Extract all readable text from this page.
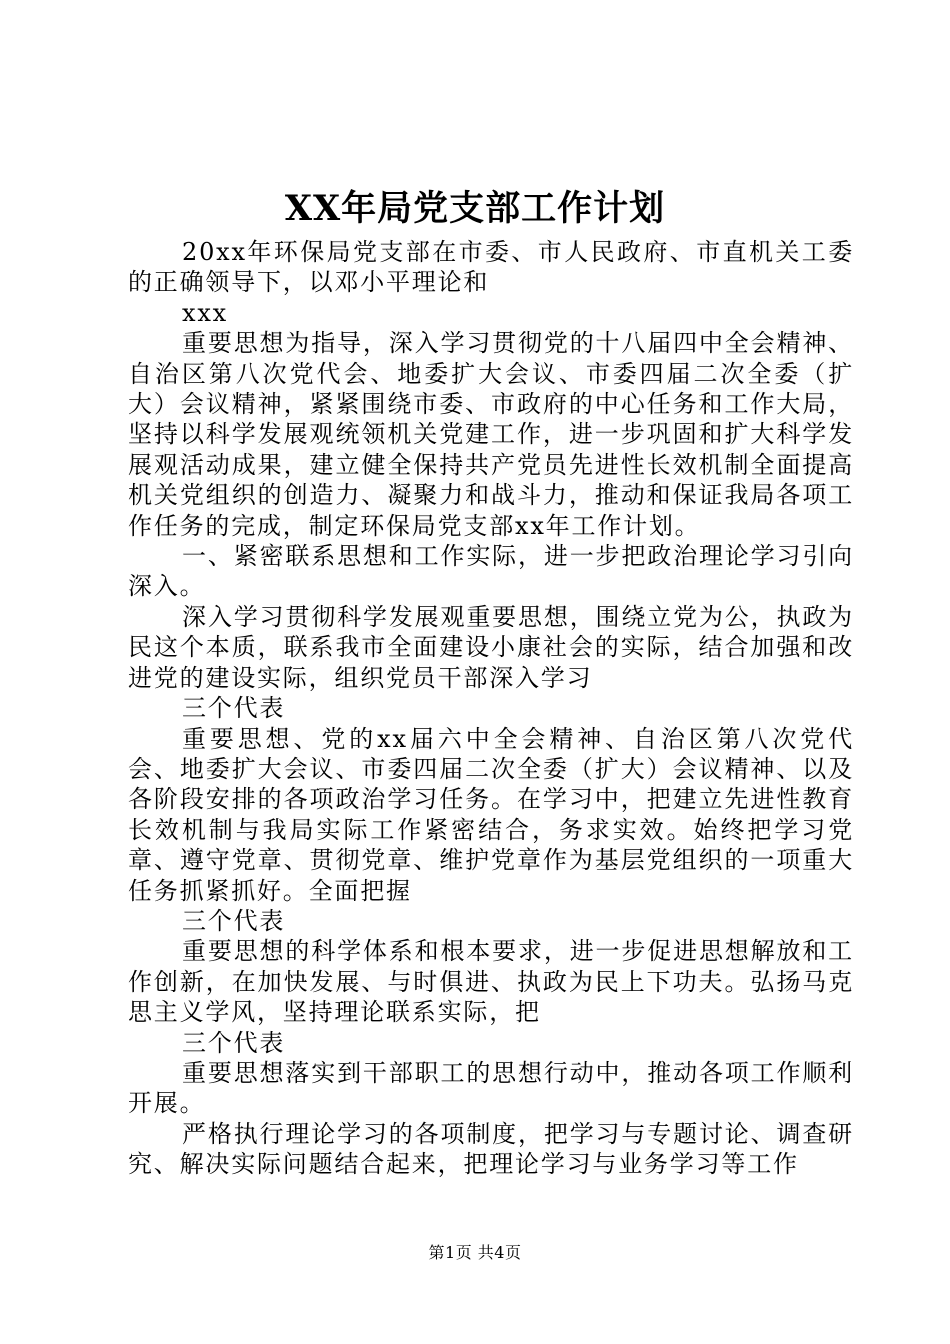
XX年局党支部工作计划

20xx年环保局党支部在市委、市人民政府、市直机关工委的正确领导下，以邓小平理论和

xxx

重要思想为指导，深入学习贯彻党的十八届四中全会精神、自治区第八次党代会、地委扩大会议、市委四届二次全委（扩大）会议精神，紧紧围绕市委、市政府的中心任务和工作大局，坚持以科学发展观统领机关党建工作，进一步巩固和扩大科学发展观活动成果，建立健全保持共产党员先进性长效机制全面提高机关党组织的创造力、凝聚力和战斗力，推动和保证我局各项工作任务的完成，制定环保局党支部xx年工作计划。

一、紧密联系思想和工作实际，进一步把政治理论学习引向深入。

深入学习贯彻科学发展观重要思想，围绕立党为公，执政为民这个本质，联系我市全面建设小康社会的实际，结合加强和改进党的建设实际，组织党员干部深入学习

三个代表

重要思想、党的xx届六中全会精神、自治区第八次党代会、地委扩大会议、市委四届二次全委（扩大）会议精神、以及各阶段安排的各项政治学习任务。在学习中，把建立先进性教育长效机制与我局实际工作紧密结合，务求实效。始终把学习党章、遵守党章、贯彻党章、维护党章作为基层党组织的一项重大任务抓紧抓好。全面把握

三个代表

重要思想的科学体系和根本要求，进一步促进思想解放和工作创新，在加快发展、与时俱进、执政为民上下功夫。弘扬马克思主义学风，坚持理论联系实际，把

三个代表

重要思想落实到干部职工的思想行动中，推动各项工作顺利开展。

严格执行理论学习的各项制度，把学习与专题讨论、调查研究、解决实际问题结合起来，把理论学习与业务学习等工作

第1页 共4页
